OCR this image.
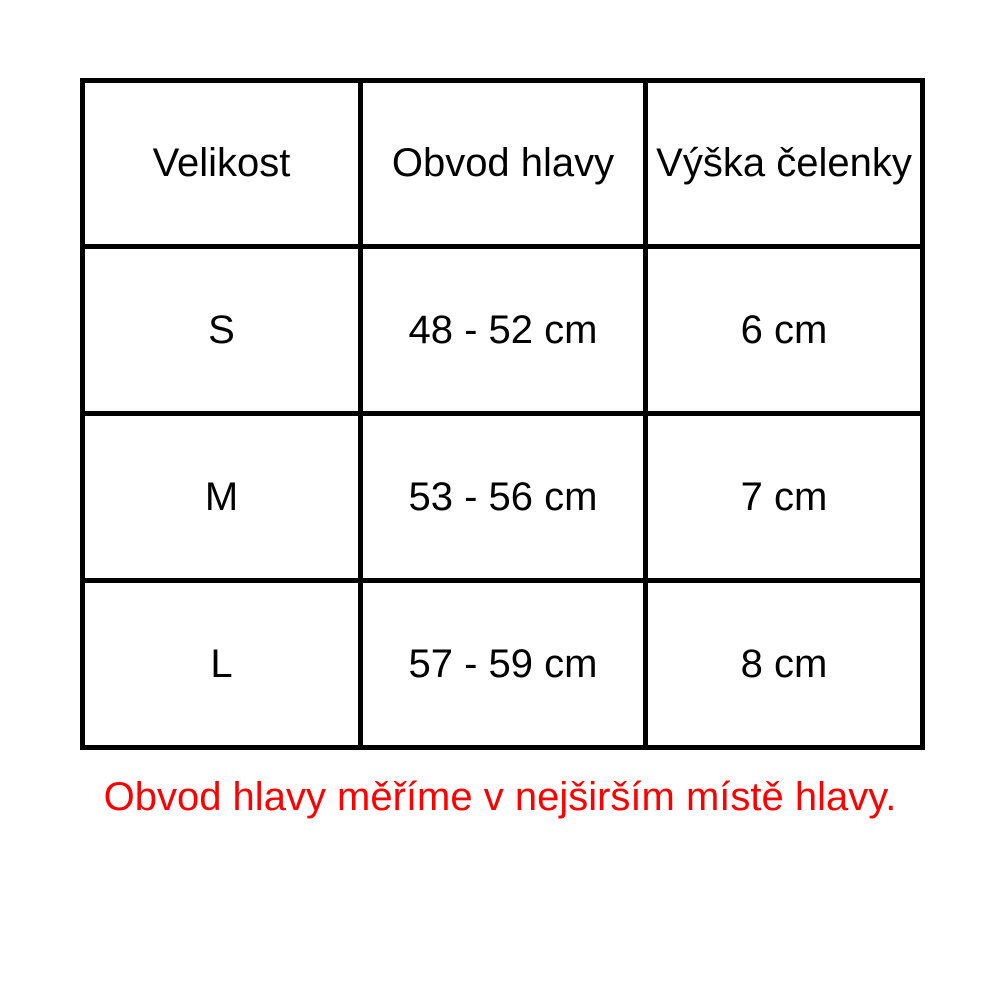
Velikost	Obvod hlavy	Výška čelenky
S	48 - 52 cm	6 cm
M	53 - 56 cm	7 cm
L	57 - 59 cm	8 cm
Obvod hlavy měříme v nejširším místě hlavy.
